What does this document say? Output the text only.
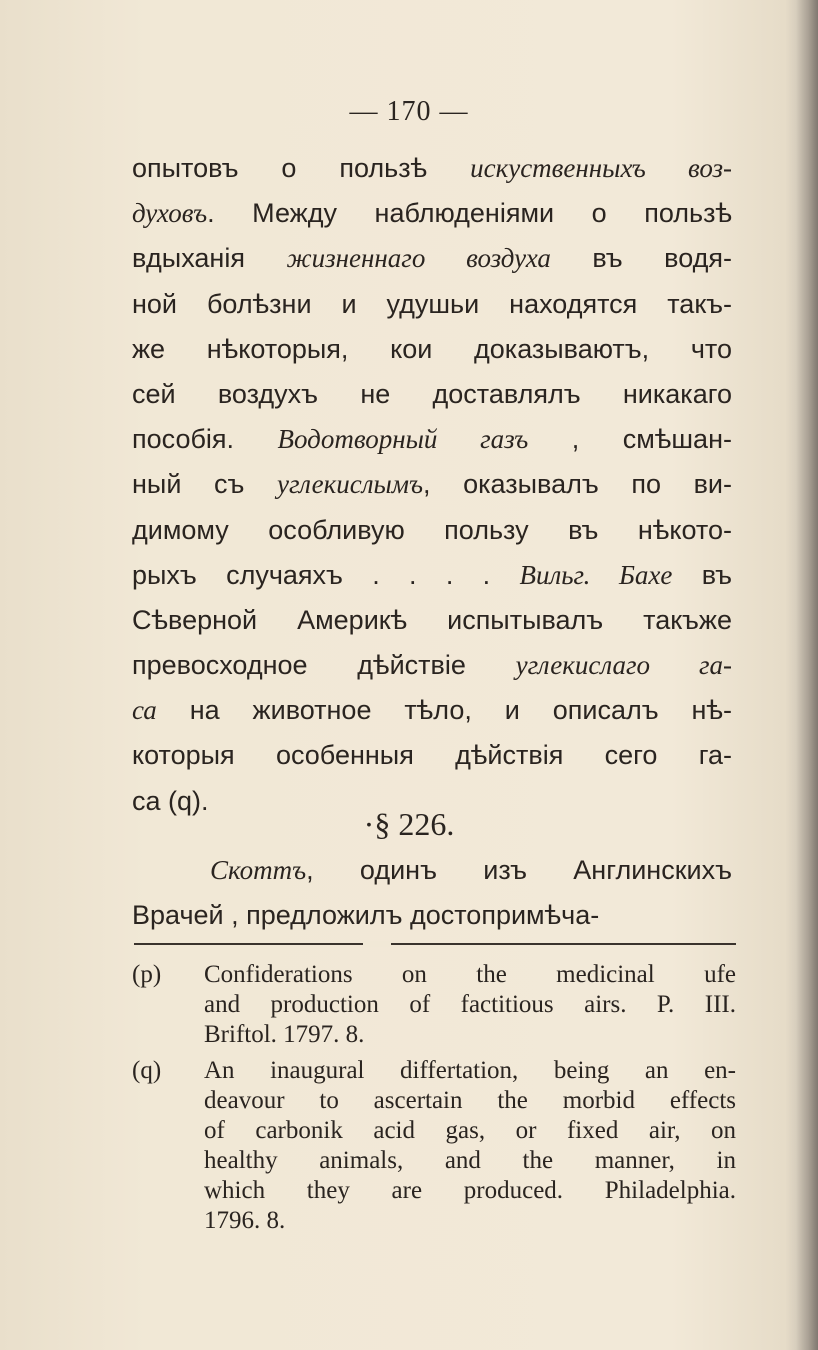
— 170 —
опытовъ о пользѣ искуственныхъ воз-
духовъ. Между наблюденіями о пользѣ
вдыханія жизненнаго воздуха въ водя-
ной болѣзни и удушьи находятся такъ-
же нѣкоторыя, кои доказываютъ, что
сей воздухъ не доставлялъ никакаго
пособія. Водотворный газъ , смѣшан-
ный съ углекислымъ, оказывалъ по ви-
димому особливую пользу въ нѣкото-
рыхъ случаяхъ . . . . Вильг. Бахе въ
Сѣверной Америкѣ испытывалъ такъже
превосходное дѣйствіе углекислаго га-
са на животное тѣло, и описалъ нѣ-
которыя особенныя дѣйствія сего га-
са (q).
·§ 226.
Скоттъ, одинъ изъ Англинскихъ
Врачей , предложилъ достопримѣча-
(p) Confiderations on the medicinal ufe
and production of factitious airs. P. III.
Briftol. 1797. 8.
(q) An inaugural differtation, being an en-
deavour to ascertain the morbid effects
of carbonik acid gas, or fixed air, on
healthy animals, and the manner, in
which they are produced. Philadelphia.
1796. 8.
